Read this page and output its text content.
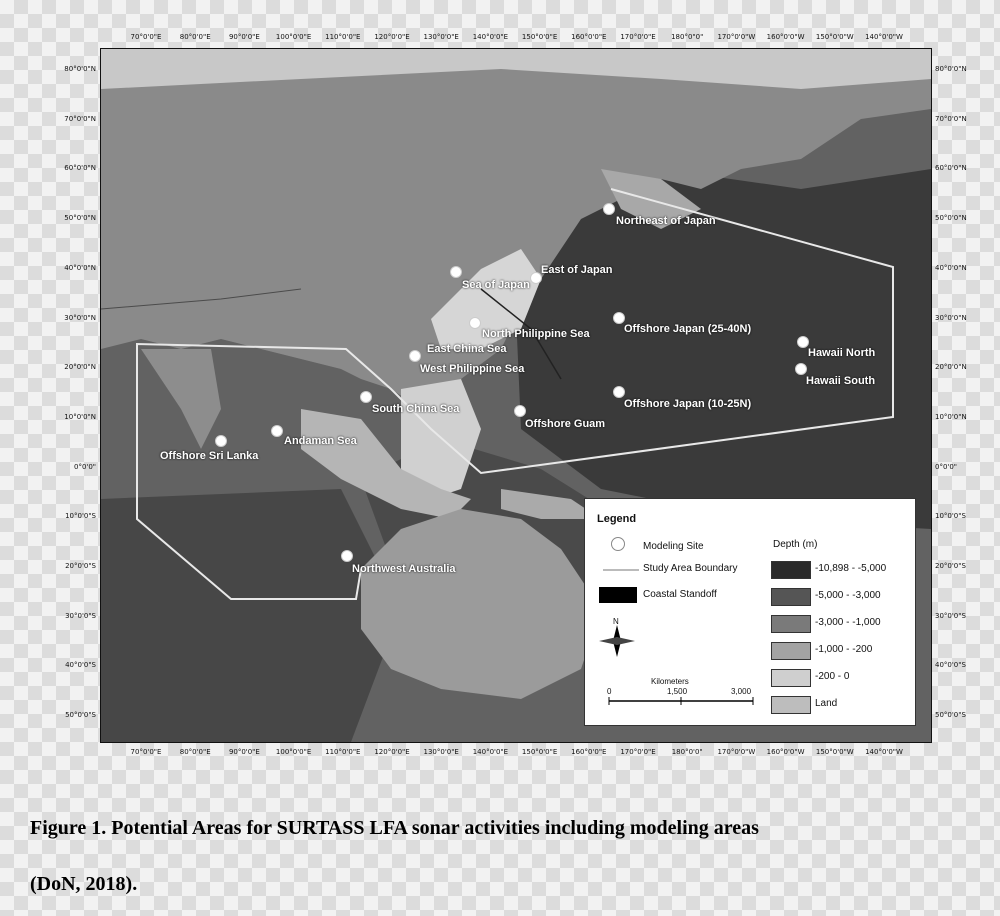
70°0'0"E	80°0'0"E	90°0'0"E	100°0'0"E	110°0'0"E	120°0'0"E	130°0'0"E	140°0'0"E	150°0'0"E	160°0'0"E	170°0'0"E	180°0"0"	170°0'0"W 160°0'0"W 150°0'0"W 140°0'0"W
70°0'0"E	80°0'0"E	90°0'0"E	100°0'0"E	110°0'0"E	120°0'0"E	130°0'0"E	140°0'0"E	150°0'0"E	160°0'0"E	170°0'0"E	180°0'0"	170°0'0"W 160°0'0"W 150°0'0"W 140°0'0"W
80°0'0"N
70°0'0"N
60°0'0"N
50°0'0"N
40°0'0"N
30°0'0"N
20°0'0"N
10°0'0"N
0°0'0"
10°0'0"S
20°0'0"S
30°0'0"S
40°0'0"S
50°0'0"S
80°0'0"N
70°0'0"N
60°0'0"N
50°0'0"N
40°0'0"N
30°0'0"N
20°0'0"N
10°0'0"N
0°0'0"
10°0'0"S
20°0'0"S
30°0'0"S
40°0'0"S
50°0'0"S
Northeast of Japan
East of Japan
Sea of Japan
North Philippine Sea	Offshore Japan (25-40N)
East China Sea
West Philippine Sea
Hawaii North
Hawaii South
South China Sea	Offshore Japan (10-25N)
Offshore Guam
Andaman Sea
Offshore Sri Lanka
Northwest Australia
Legend
Modeling Site
Study Area Boundary
Coastal Standoff
Depth (m)
-10,898 - -5,000
-5,000 - -3,000
-3,000 - -1,000
-1,000 - -200
-200 - 0
Land
N
Kilometers
0	1,500	3,000
Figure 1. Potential Areas for SURTASS LFA sonar activities including modeling areas
(DoN, 2018).
